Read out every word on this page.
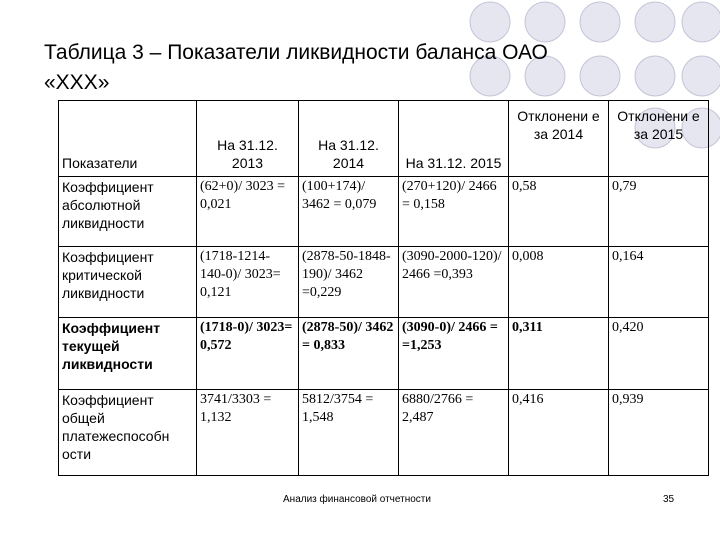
Таблица 3 – Показатели ликвидности баланса ОАО
«ХХХ»
Показатели	На 31.12. 2013	На 31.12. 2014	На 31.12. 2015	Отклонени е за 2014	Отклонени е за 2015
Коэффициент абсолютной ликвидности	(62+0)/ 3023 = 0,021	(100+174)/ 3462 = 0,079	(270+120)/ 2466 = 0,158	0,58	0,79
Коэффициент критической ликвидности	(1718-1214-140-0)/ 3023= 0,121	(2878-50-1848-190)/ 3462 =0,229	(3090-2000-120)/ 2466 =0,393	0,008	0,164
Коэффициент текущей ликвидности	(1718-0)/ 3023= 0,572	(2878-50)/ 3462 = 0,833	(3090-0)/ 2466 = =1,253	0,311	0,420
Коэффициент общей платежеспособн ости	3741/3303 = 1,132	5812/3754 = 1,548	6880/2766 = 2,487	0,416	0,939
Анализ финансовой отчетности	35
